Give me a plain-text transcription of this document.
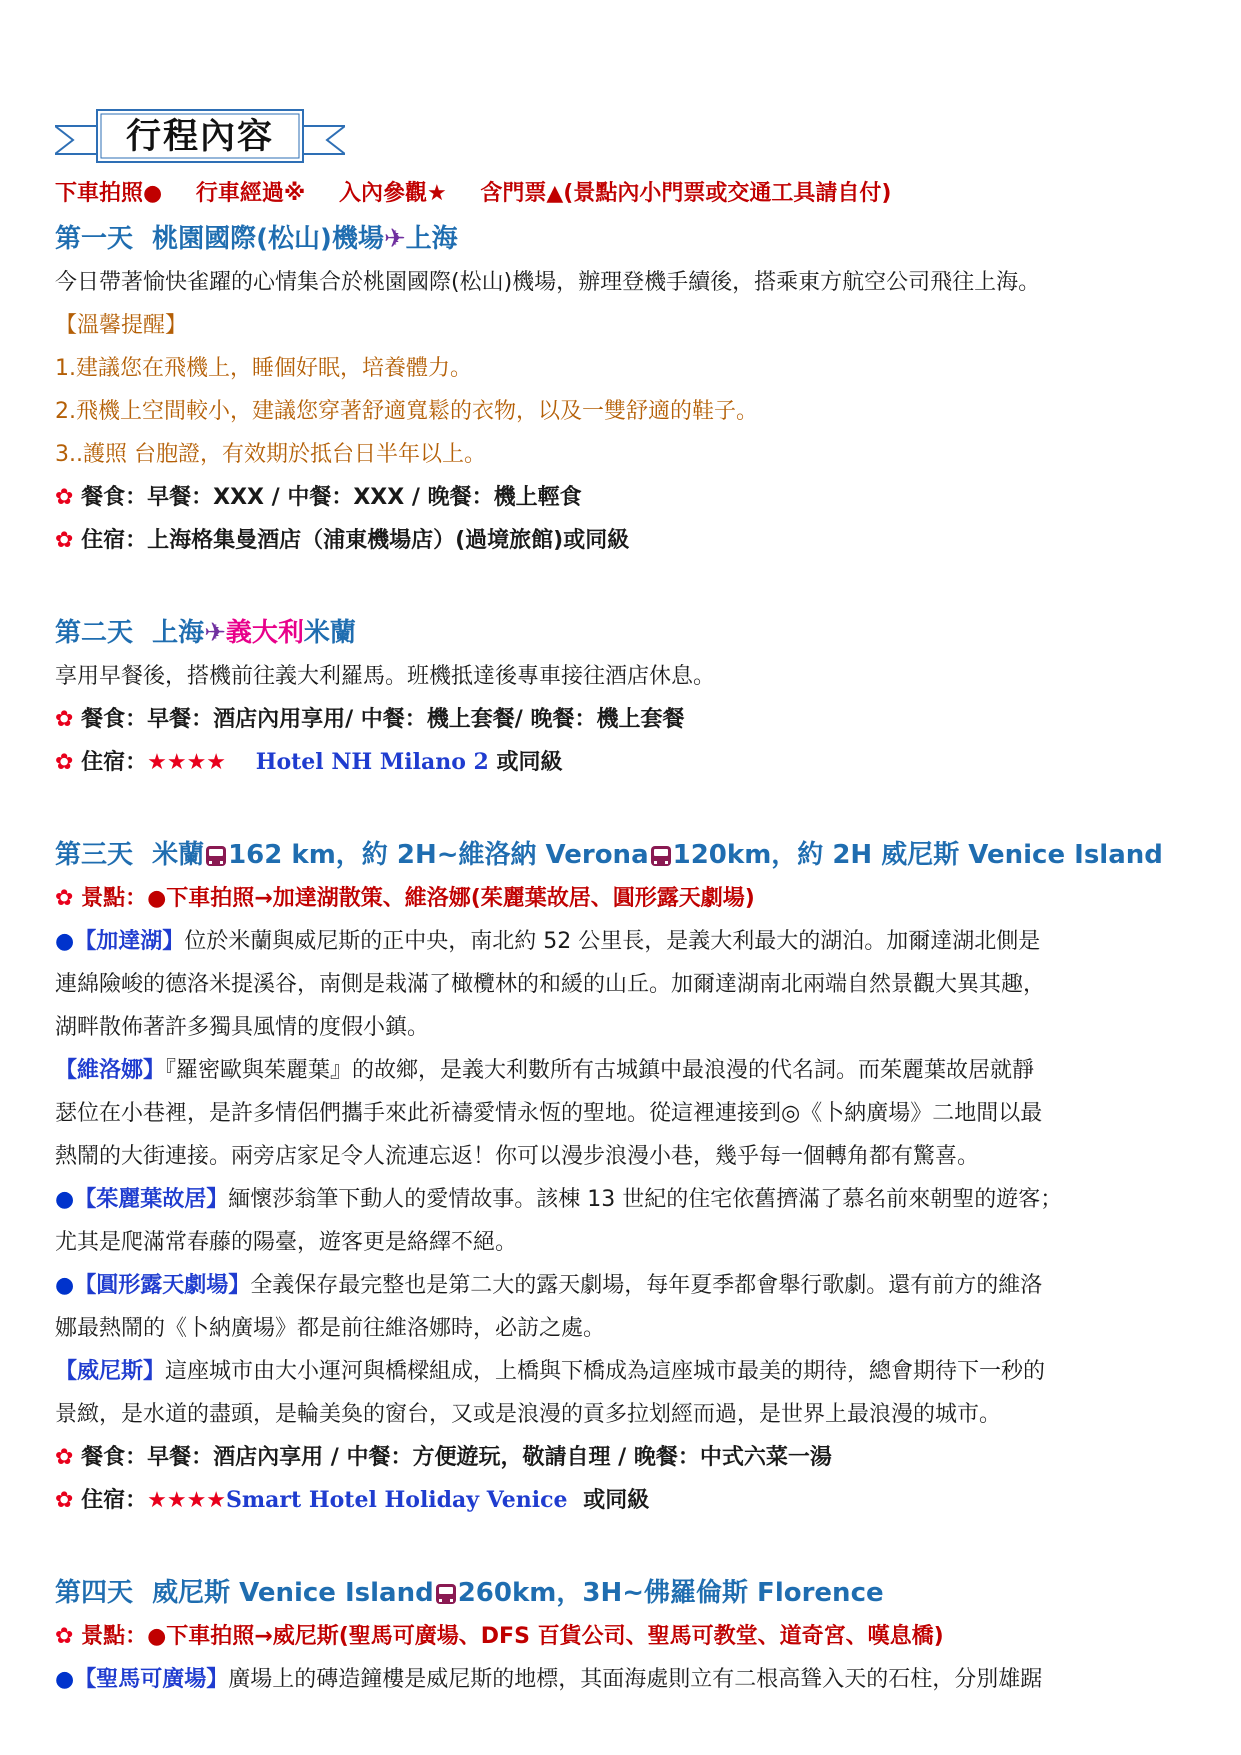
行程內容
下車拍照● 行車經過※ 入內參觀★ 含門票▲(景點內小門票或交通工具請自付)
第一天 桃園國際(松山)機場✈上海
今日帶著愉快雀躍的心情集合於桃園國際(松山)機場，辦理登機手續後，搭乘東方航空公司飛往上海。
【溫馨提醒】
1.建議您在飛機上，睡個好眠，培養體力。
2.飛機上空間較小，建議您穿著舒適寬鬆的衣物，以及一雙舒適的鞋子。
3..護照 台胞證，有效期於抵台日半年以上。
✿ 餐食：早餐：XXX / 中餐：XXX / 晚餐：機上輕食
✿ 住宿：上海格集曼酒店（浦東機場店）(過境旅館)或同級
第二天 上海✈義大利米蘭
享用早餐後，搭機前往義大利羅馬。班機抵達後專車接往酒店休息。
✿ 餐食：早餐：酒店內用享用/ 中餐：機上套餐/ 晚餐：機上套餐
✿ 住宿：★★★★ Hotel NH Milano 2 或同級
第三天 米蘭 162 km，約 2H~維洛納 Verona 120km，約 2H 威尼斯 Venice Island
✿ 景點：●下車拍照→加達湖散策、維洛娜(茱麗葉故居、圓形露天劇場)
●【加達湖】位於米蘭與威尼斯的正中央，南北約 52 公里長，是義大利最大的湖泊。加爾達湖北側是
連綿險峻的德洛米提溪谷，南側是栽滿了橄欖林的和緩的山丘。加爾達湖南北兩端自然景觀大異其趣，
湖畔散佈著許多獨具風情的度假小鎮。
【維洛娜】『羅密歐與茱麗葉』的故鄉，是義大利數所有古城鎮中最浪漫的代名詞。而茱麗葉故居就靜
瑟位在小巷裡，是許多情侶們攜手來此祈禱愛情永恆的聖地。從這裡連接到◎《卜納廣場》二地間以最
熱鬧的大街連接。兩旁店家足令人流連忘返！你可以漫步浪漫小巷，幾乎每一個轉角都有驚喜。
●【茱麗葉故居】緬懷莎翁筆下動人的愛情故事。該棟 13 世紀的住宅依舊擠滿了慕名前來朝聖的遊客；
尤其是爬滿常春藤的陽臺，遊客更是絡繹不絕。
●【圓形露天劇場】全義保存最完整也是第二大的露天劇場，每年夏季都會舉行歌劇。還有前方的維洛
娜最熱鬧的《卜納廣場》都是前往維洛娜時，必訪之處。
【威尼斯】這座城市由大小運河與橋樑組成，上橋與下橋成為這座城市最美的期待，總會期待下一秒的
景緻，是水道的盡頭，是輪美奐的窗台，又或是浪漫的貢多拉划經而過，是世界上最浪漫的城市。
✿ 餐食：早餐：酒店內享用 / 中餐：方便遊玩，敬請自理 / 晚餐：中式六菜一湯
✿ 住宿：★★★★Smart Hotel Holiday Venice 或同級
第四天 威尼斯 Venice Island 260km，3H~佛羅倫斯 Florence
✿ 景點：●下車拍照→威尼斯(聖馬可廣場、DFS 百貨公司、聖馬可教堂、道奇宮、嘆息橋)
●【聖馬可廣場】廣場上的磚造鐘樓是威尼斯的地標，其面海處則立有二根高聳入天的石柱，分別雄踞
